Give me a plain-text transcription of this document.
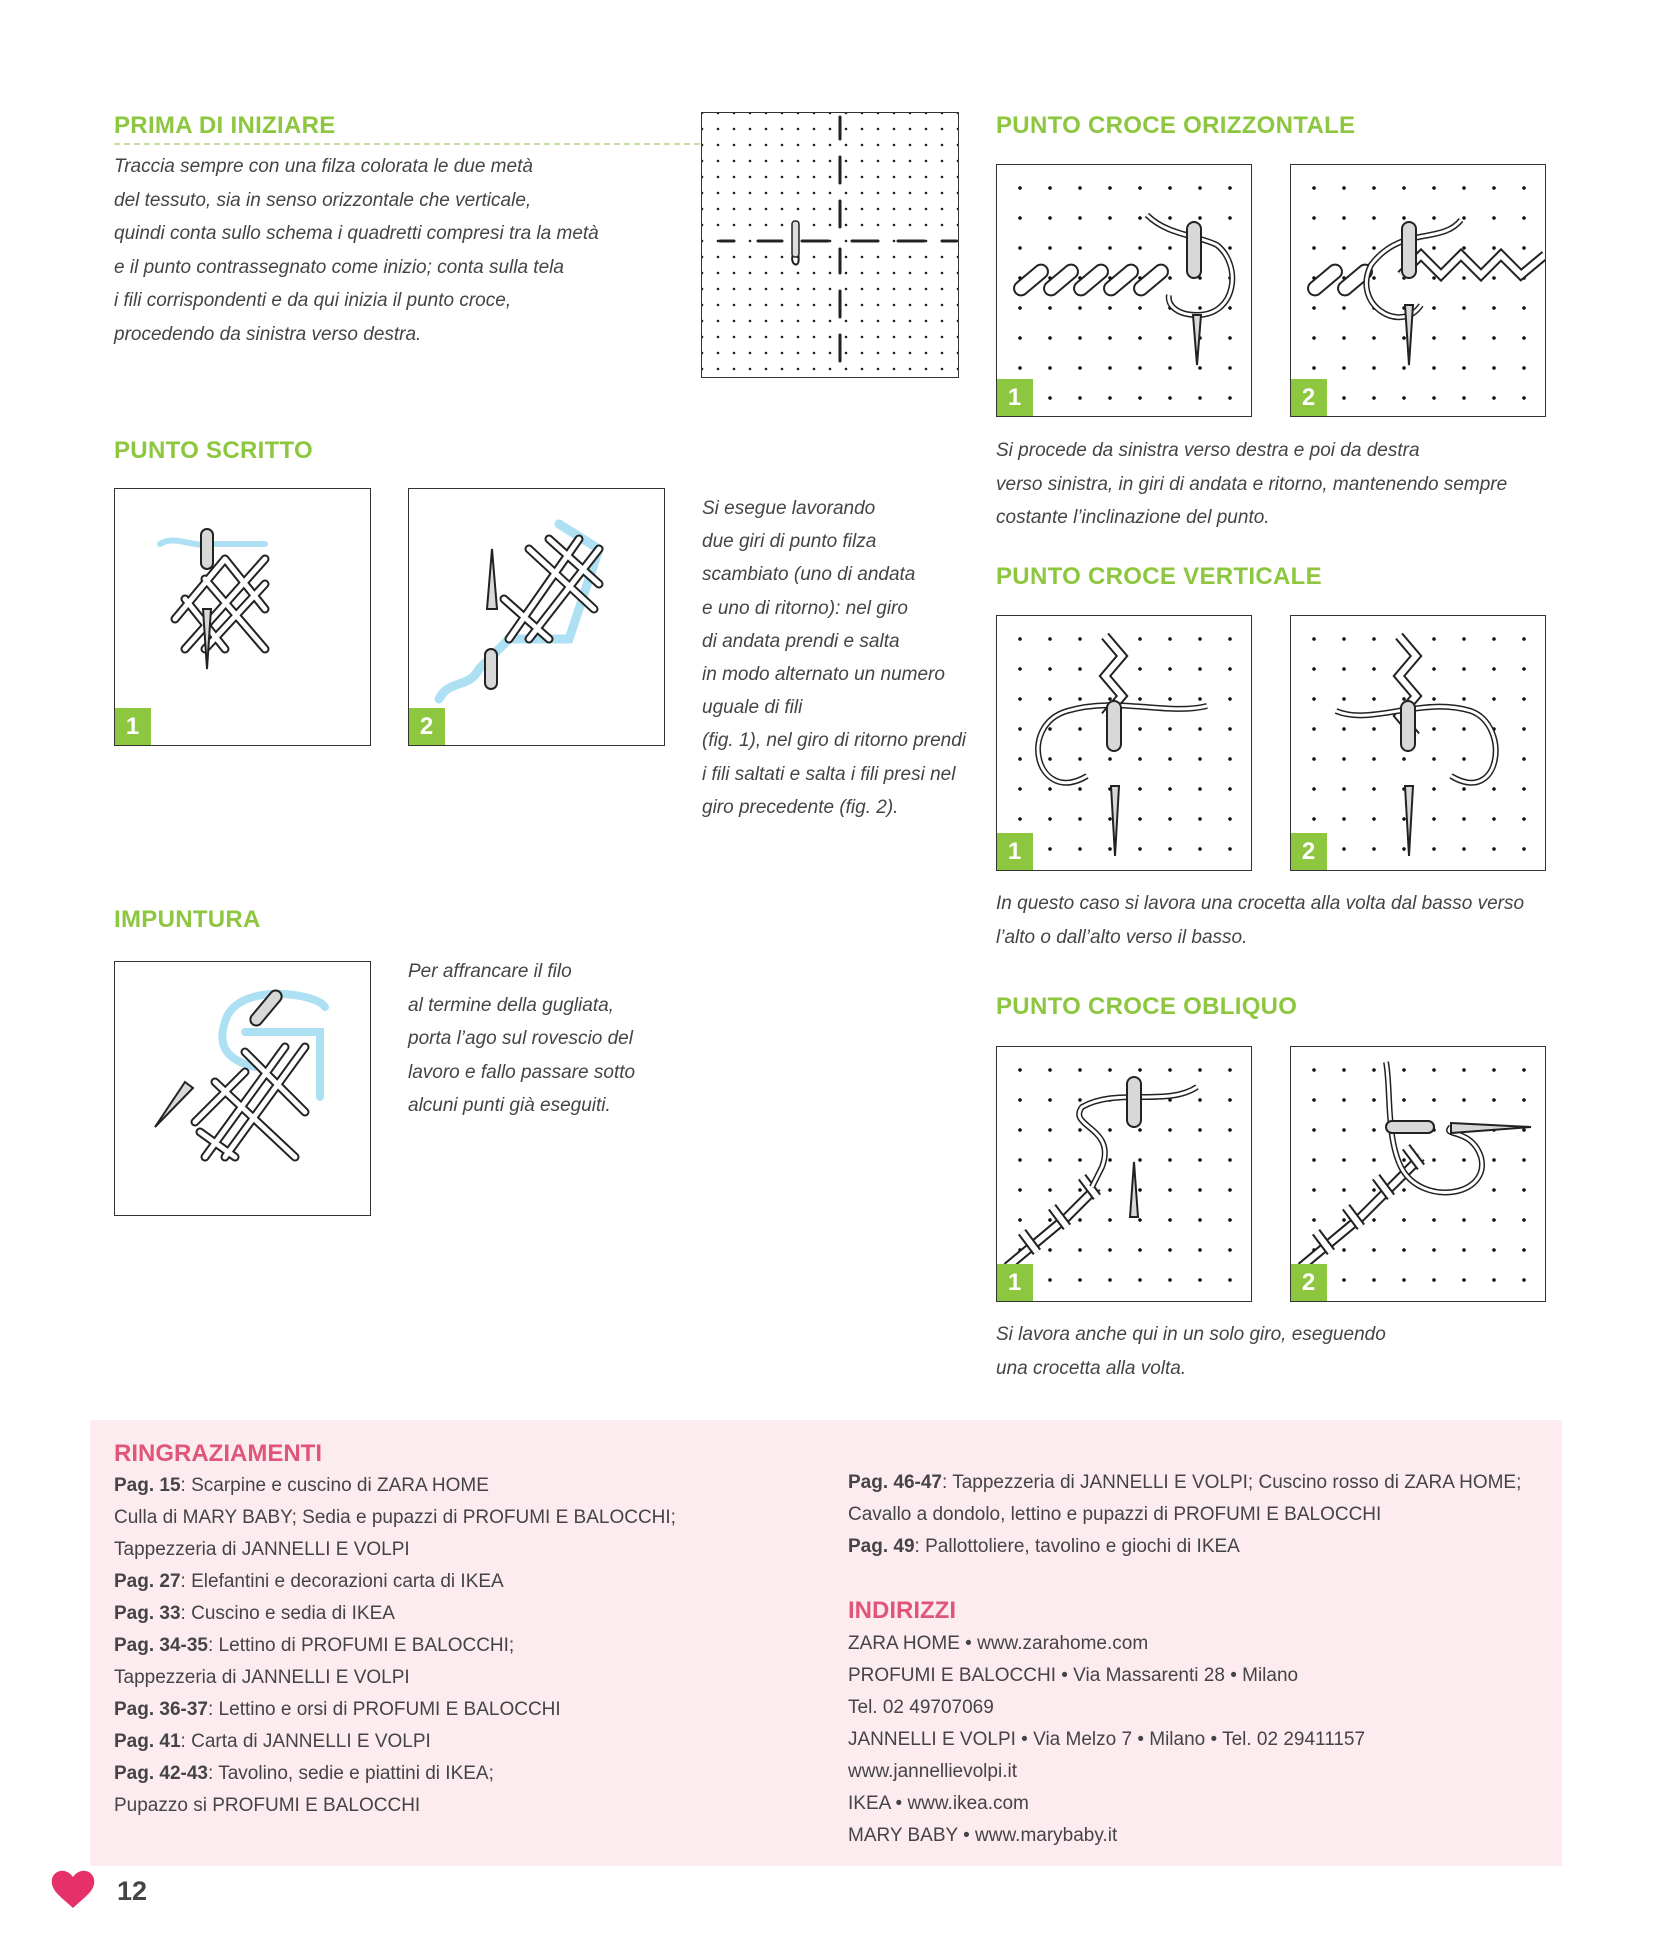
PRIMA DI INIZIARE
Traccia sempre con una filza colorata le due metà
del tessuto, sia in senso orizzontale che verticale,
quindi conta sullo schema i quadretti compresi tra la metà
e il punto contrassegnato come inizio; conta sulla tela
i fili corrispondenti e da qui inizia il punto croce,
procedendo da sinistra verso destra.
PUNTO CROCE ORIZZONTALE
1	2
Si procede da sinistra verso destra e poi da destra
verso sinistra, in giri di andata e ritorno, mantenendo sempre
costante l’inclinazione del punto.
PUNTO SCRITTO
1	2
Si esegue lavorando
due giri di punto filza
scambiato (uno di andata
e uno di ritorno): nel giro
di andata prendi e salta
in modo alternato un numero
uguale di fili
(fig. 1), nel giro di ritorno prendi
i fili saltati e salta i fili presi nel
giro precedente (fig. 2).
PUNTO CROCE VERTICALE
1	2
In questo caso si lavora una crocetta alla volta dal basso verso
l’alto o dall’alto verso il basso.
IMPUNTURA
Per affrancare il filo
al termine della gugliata,
porta l’ago sul rovescio del
lavoro e fallo passare sotto
alcuni punti già eseguiti.
PUNTO CROCE OBLIQUO
1	2
Si lavora anche qui in un solo giro, eseguendo
una crocetta alla volta.
RINGRAZIAMENTI
Pag. 15: Scarpine e cuscino di ZARA HOME
Culla di MARY BABY; Sedia e pupazzi di PROFUMI E BALOCCHI;
Tappezzeria di JANNELLI E VOLPI
Pag. 27: Elefantini e decorazioni carta di IKEA
Pag. 33: Cuscino e sedia di IKEA
Pag. 34-35: Lettino di PROFUMI E BALOCCHI;
Tappezzeria di JANNELLI E VOLPI
Pag. 36-37: Lettino e orsi di PROFUMI E BALOCCHI
Pag. 41: Carta di JANNELLI E VOLPI
Pag. 42-43: Tavolino, sedie e piattini di IKEA;
Pupazzo si PROFUMI E BALOCCHI
Pag. 46-47: Tappezzeria di JANNELLI E VOLPI; Cuscino rosso di ZARA HOME;
Cavallo a dondolo, lettino e pupazzi di PROFUMI E BALOCCHI
Pag. 49: Pallottoliere, tavolino e giochi di IKEA
INDIRIZZI
ZARA HOME • www.zarahome.com
PROFUMI E BALOCCHI • Via Massarenti 28 • Milano
Tel. 02 49707069
JANNELLI E VOLPI • Via Melzo 7 • Milano • Tel. 02 29411157
www.jannellievolpi.it
IKEA • www.ikea.com
MARY BABY • www.marybaby.it
12
